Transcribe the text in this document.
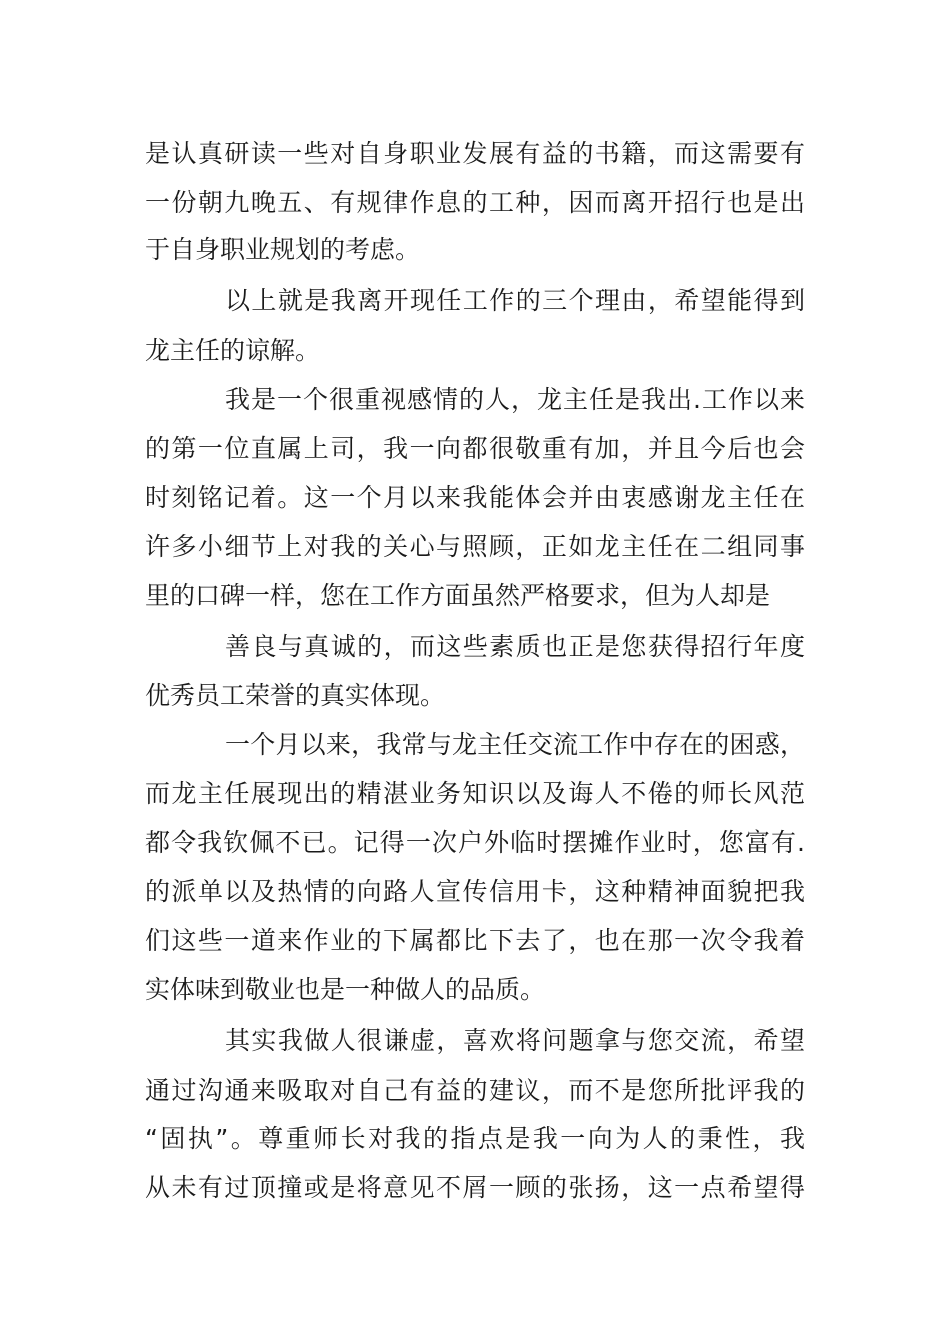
是认真研读一些对自身职业发展有益的书籍，而这需要有
一份朝九晚五、有规律作息的工种，因而离开招行也是出
于自身职业规划的考虑。
以上就是我离开现任工作的三个理由，希望能得到
龙主任的谅解。
我是一个很重视感情的人，龙主任是我出.工作以来
的第一位直属上司，我一向都很敬重有加，并且今后也会
时刻铭记着。这一个月以来我能体会并由衷感谢龙主任在
许多小细节上对我的关心与照顾，正如龙主任在二组同事
里的口碑一样，您在工作方面虽然严格要求，但为人却是
善良与真诚的，而这些素质也正是您获得招行年度
优秀员工荣誉的真实体现。
一个月以来，我常与龙主任交流工作中存在的困惑，
而龙主任展现出的精湛业务知识以及诲人不倦的师长风范
都令我钦佩不已。记得一次户外临时摆摊作业时，您富有.
的派单以及热情的向路人宣传信用卡，这种精神面貌把我
们这些一道来作业的下属都比下去了，也在那一次令我着
实体味到敬业也是一种做人的品质。
其实我做人很谦虚，喜欢将问题拿与您交流，希望
通过沟通来吸取对自己有益的建议，而不是您所批评我的
“固执”。尊重师长对我的指点是我一向为人的秉性，我
从未有过顶撞或是将意见不屑一顾的张扬，这一点希望得
